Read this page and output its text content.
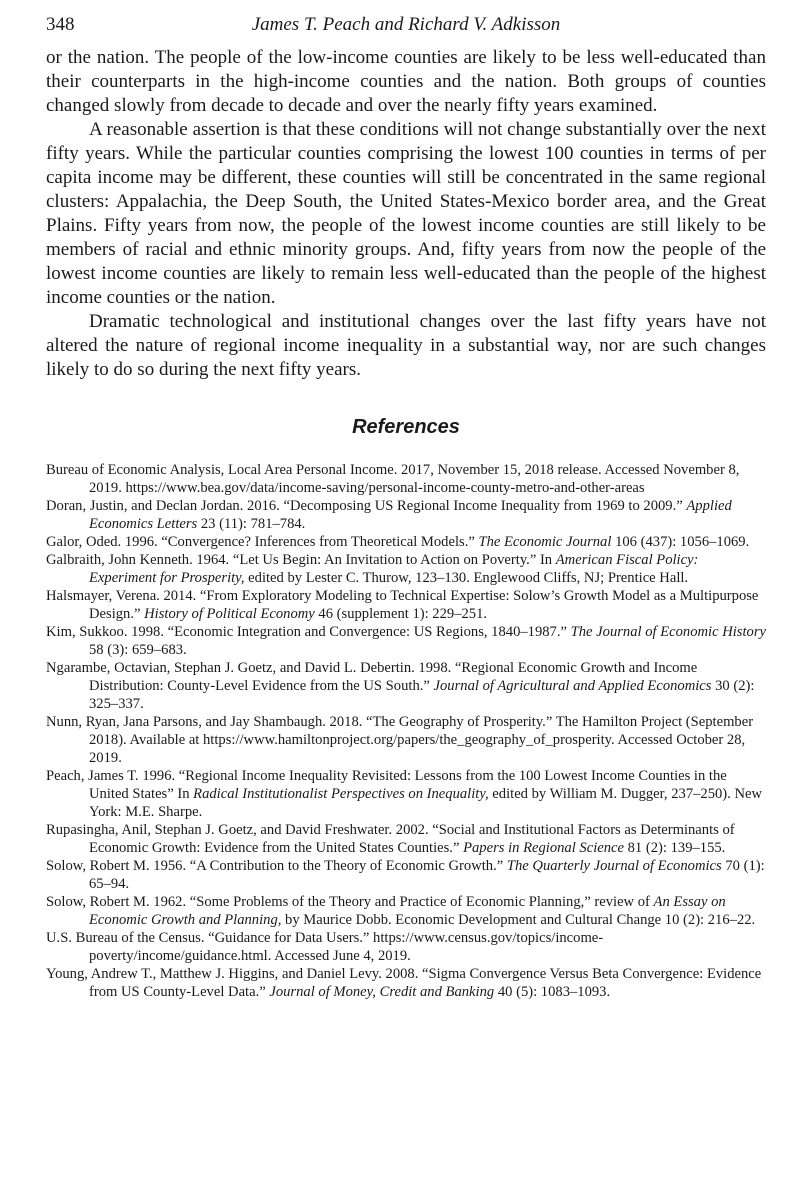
348	James T. Peach and Richard V. Adkisson

or the nation. The people of the low-income counties are likely to be less well-educated than their counterparts in the high-income counties and the nation. Both groups of counties changed slowly from decade to decade and over the nearly fifty years examined.

A reasonable assertion is that these conditions will not change substantially over the next fifty years. While the particular counties comprising the lowest 100 counties in terms of per capita income may be different, these counties will still be concentrated in the same regional clusters: Appalachia, the Deep South, the United States-Mexico border area, and the Great Plains. Fifty years from now, the people of the lowest income counties are still likely to be members of racial and ethnic minority groups. And, fifty years from now the people of the lowest income counties are likely to remain less well-educated than the people of the highest income counties or the nation.

Dramatic technological and institutional changes over the last fifty years have not altered the nature of regional income inequality in a substantial way, nor are such changes likely to do so during the next fifty years.

References
Bureau of Economic Analysis, Local Area Personal Income. 2017, November 15, 2018 release. Accessed November 8, 2019. https://www.bea.gov/data/income-saving/personal-income-county-metro-and-other-areas
Doran, Justin, and Declan Jordan. 2016. “Decomposing US Regional Income Inequality from 1969 to 2009.” Applied Economics Letters 23 (11): 781–784.
Galor, Oded. 1996. “Convergence? Inferences from Theoretical Models.” The Economic Journal 106 (437): 1056–1069.
Galbraith, John Kenneth. 1964. “Let Us Begin: An Invitation to Action on Poverty.” In American Fiscal Policy: Experiment for Prosperity, edited by Lester C. Thurow, 123–130. Englewood Cliffs, NJ; Prentice Hall.
Halsmayer, Verena. 2014. “From Exploratory Modeling to Technical Expertise: Solow’s Growth Model as a Multipurpose Design.” History of Political Economy 46 (supplement 1): 229–251.
Kim, Sukkoo. 1998. “Economic Integration and Convergence: US Regions, 1840–1987.” The Journal of Economic History 58 (3): 659–683.
Ngarambe, Octavian, Stephan J. Goetz, and David L. Debertin. 1998. “Regional Economic Growth and Income Distribution: County-Level Evidence from the US South.” Journal of Agricultural and Applied Economics 30 (2): 325–337.
Nunn, Ryan, Jana Parsons, and Jay Shambaugh. 2018. “The Geography of Prosperity.” The Hamilton Project (September 2018). Available at https://www.hamiltonproject.org/papers/the_geography_of_prosperity. Accessed October 28, 2019.
Peach, James T. 1996. “Regional Income Inequality Revisited: Lessons from the 100 Lowest Income Counties in the United States” In Radical Institutionalist Perspectives on Inequality, edited by William M. Dugger, 237–250). New York: M.E. Sharpe.
Rupasingha, Anil, Stephan J. Goetz, and David Freshwater. 2002. “Social and Institutional Factors as Determinants of Economic Growth: Evidence from the United States Counties.” Papers in Regional Science 81 (2): 139–155.
Solow, Robert M. 1956. “A Contribution to the Theory of Economic Growth.” The Quarterly Journal of Economics 70 (1): 65–94.
Solow, Robert M. 1962. “Some Problems of the Theory and Practice of Economic Planning,” review of An Essay on Economic Growth and Planning, by Maurice Dobb. Economic Development and Cultural Change 10 (2): 216–22.
U.S. Bureau of the Census. “Guidance for Data Users.” https://www.census.gov/topics/income-poverty/income/guidance.html. Accessed June 4, 2019.
Young, Andrew T., Matthew J. Higgins, and Daniel Levy. 2008. “Sigma Convergence Versus Beta Convergence: Evidence from US County-Level Data.” Journal of Money, Credit and Banking 40 (5): 1083–1093.
